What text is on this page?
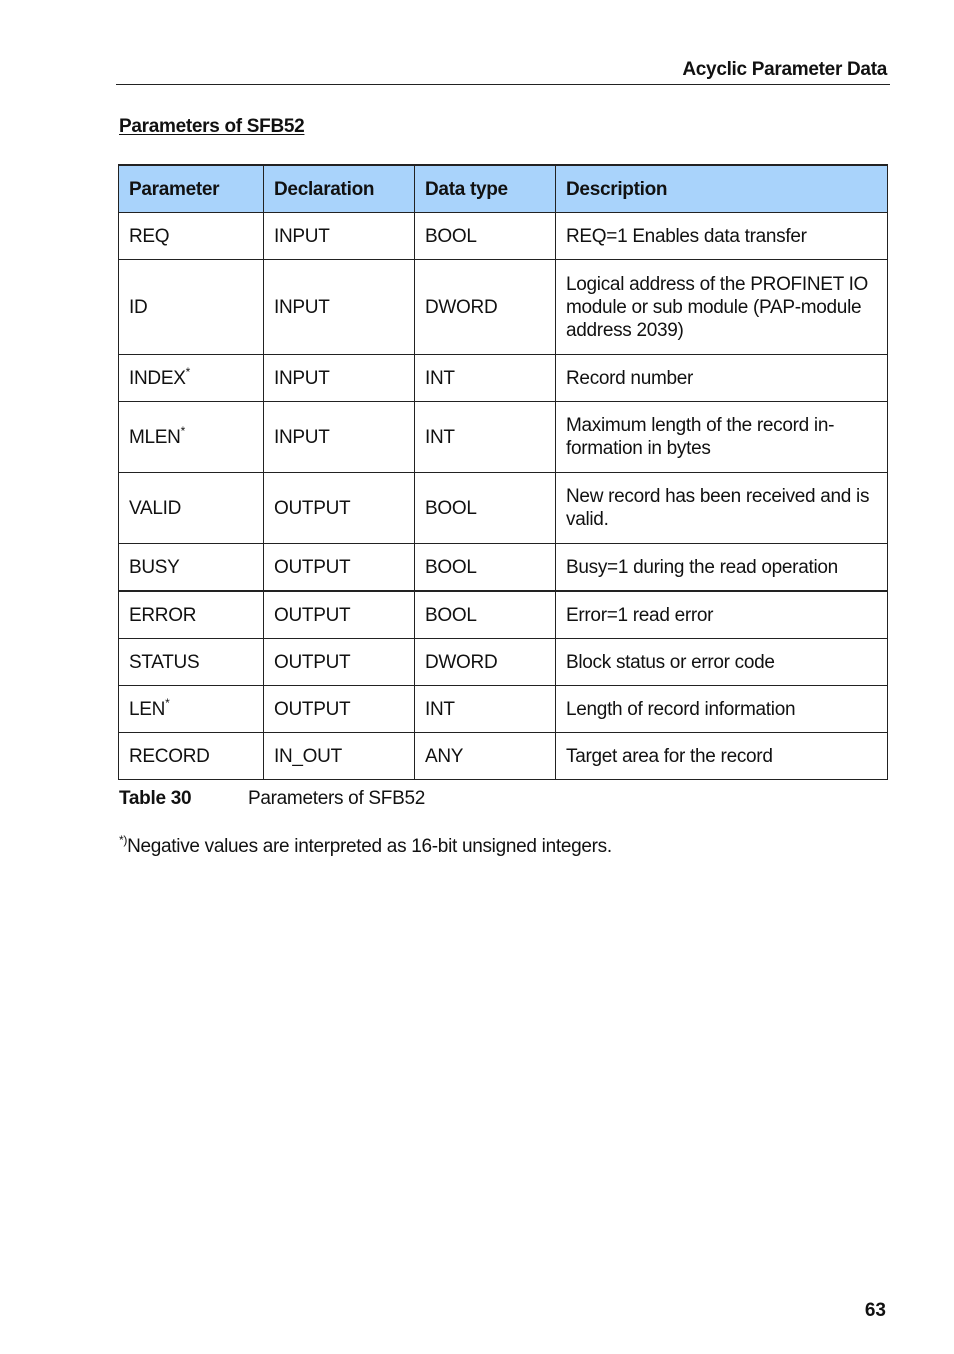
Acyclic Parameter Data
Parameters of SFB52
Parameter	Declaration	Data type	Description
REQ	INPUT	BOOL	REQ=1 Enables data transfer
ID	INPUT	DWORD	Logical address of the PROFINET IO module or sub module (PAP-module address 2039)
INDEX*	INPUT	INT	Record number
MLEN*	INPUT	INT	Maximum length of the record in- formation in bytes
VALID	OUTPUT	BOOL	New record has been received and is valid.
BUSY	OUTPUT	BOOL	Busy=1 during the read operation
ERROR	OUTPUT	BOOL	Error=1 read error
STATUS	OUTPUT	DWORD	Block status or error code
LEN*	OUTPUT	INT	Length of record information
RECORD	IN_OUT	ANY	Target area for the record
Table 30	Parameters of SFB52
*)Negative values are interpreted as 16-bit unsigned integers.
63
